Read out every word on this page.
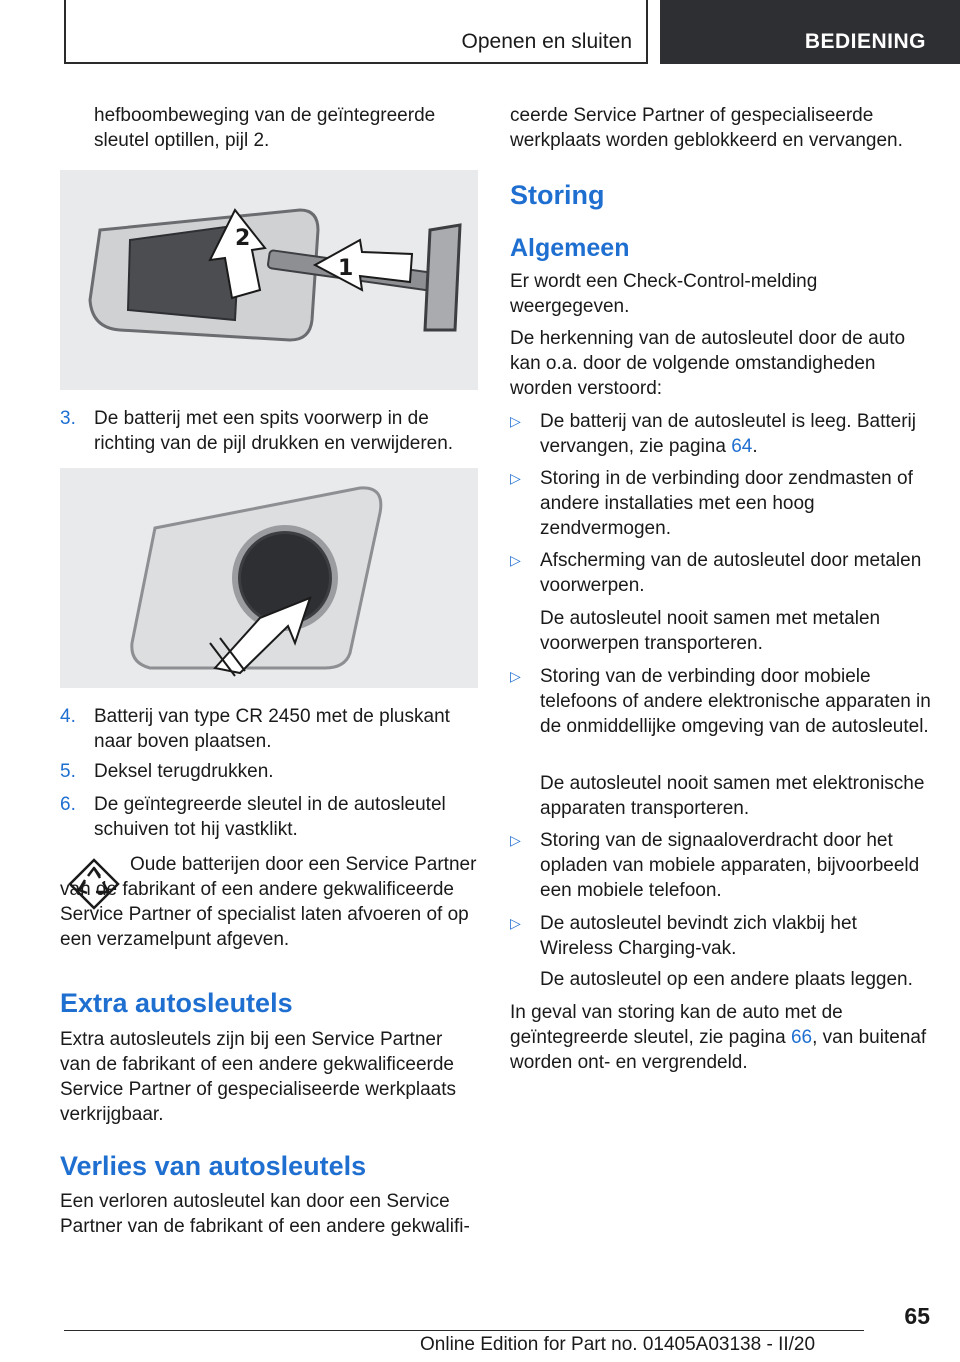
Openen en sluiten	BEDIENING

hefboombeweging van de geïntegreerde sleutel optillen, pijl 2.

2
1
3. De batterij met een spits voorwerp in de richting van de pijl drukken en verwijderen.
4. Batterij van type CR 2450 met de pluskant naar boven plaatsen.
5. Deksel terugdrukken.
6. De geïntegreerde sleutel in de autosleutel schuiven tot hij vastklikt.

Oude batterijen door een Service Partner van de fabrikant of een andere gekwalificeerde Service Partner of specialist laten afvoeren of op een verzamelpunt afgeven.

Extra autosleutels

Extra autosleutels zijn bij een Service Partner van de fabrikant of een andere gekwalificeerde Service Partner of gespecialiseerde werkplaats verkrijgbaar.

Verlies van autosleutels

Een verloren autosleutel kan door een Service Partner van de fabrikant of een andere gekwalifi-

ceerde Service Partner of gespecialiseerde werkplaats worden geblokkeerd en vervangen.

Storing
Algemeen

Er wordt een Check-Control-melding weergegeven.

De herkenning van de autosleutel door de auto kan o.a. door de volgende omstandigheden worden verstoord:

▷	De batterij van de autosleutel is leeg. Batterij vervangen, zie pagina 64.

▷	Storing in de verbinding door zendmasten of andere installaties met een hoog zendvermogen.

▷	Afscherming van de autosleutel door metalen voorwerpen.

De autosleutel nooit samen met metalen voorwerpen transporteren.

▷	Storing van de verbinding door mobiele telefoons of andere elektronische apparaten in de onmiddellijke omgeving van de autosleutel.

De autosleutel nooit samen met elektronische apparaten transporteren.

▷	Storing van de signaaloverdracht door het opladen van mobiele apparaten, bijvoorbeeld een mobiele telefoon.

▷	De autosleutel bevindt zich vlakbij het Wireless Charging-vak.

De autosleutel op een andere plaats leggen.

In geval van storing kan de auto met de geïntegreerde sleutel, zie pagina 66, van buitenaf worden ont- en vergrendeld.

65
Online Edition for Part no. 01405A03138 - II/20
